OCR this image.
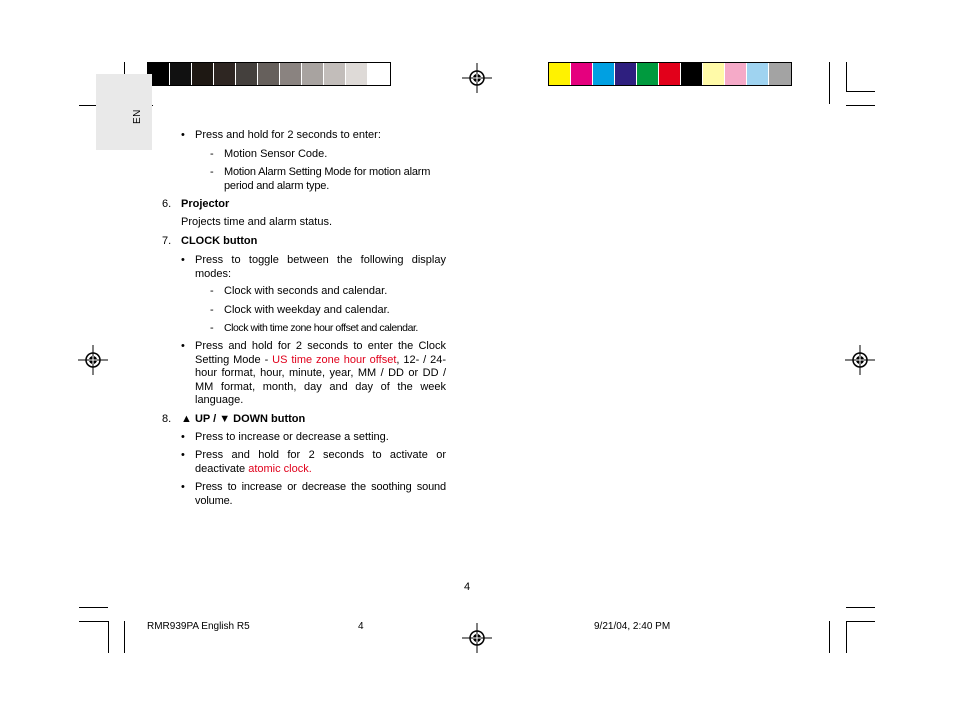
EN
• Press and hold for 2 seconds to enter:
- Motion Sensor Code.
- Motion Alarm Setting Mode for motion alarm period and alarm type.
6. Projector
Projects time and alarm status.
7. CLOCK button
• Press to toggle between the following display modes:
- Clock with seconds and calendar.
- Clock with weekday and calendar.
- Clock with time zone hour offset and calendar.
• Press and hold for 2 seconds to enter the Clock Setting Mode - US time zone hour offset, 12- / 24-hour format, hour, minute, year, MM / DD or DD / MM format, month, day and day of the week language.
8. ▲ UP / ▼ DOWN button
• Press to increase or decrease a setting.
• Press and hold for 2 seconds to activate or deactivate atomic clock.
• Press to increase or decrease the soothing sound volume.
4
RMR939PA English R5	4	9/21/04, 2:40 PM
